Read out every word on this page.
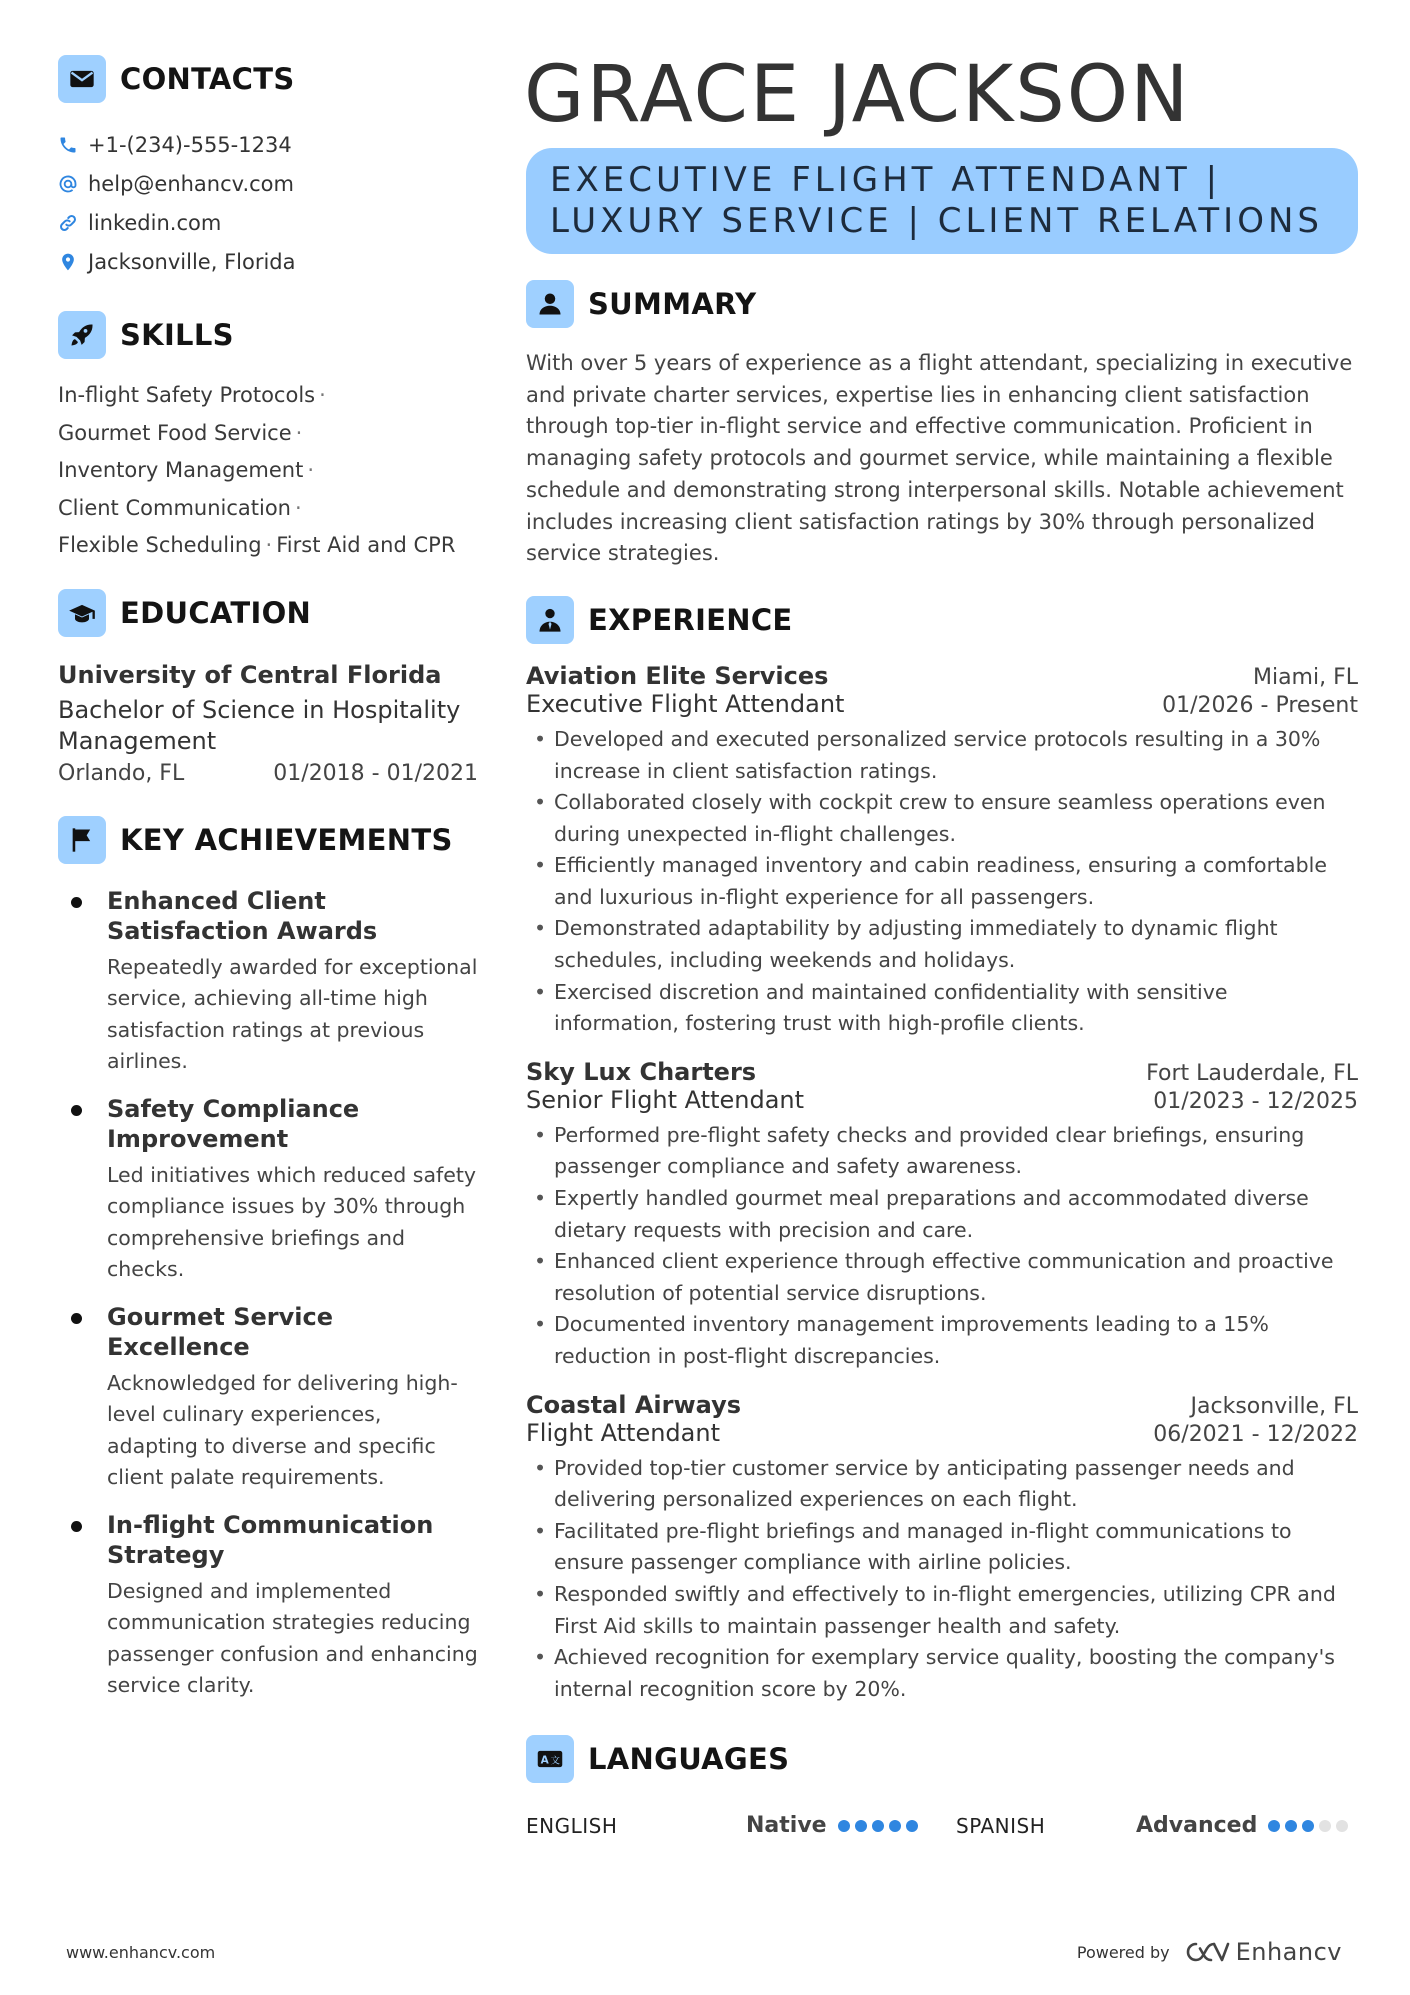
CONTACTS
+1-(234)-555-1234
help@enhancv.com
linkedin.com
Jacksonville, Florida
SKILLS
In-flight Safety Protocols ·
Gourmet Food Service ·
Inventory Management ·
Client Communication ·
Flexible Scheduling · First Aid and CPR
EDUCATION
University of Central Florida
Bachelor of Science in Hospitality Management
Orlando, FL	01/2018 - 01/2021
KEY ACHIEVEMENTS
Enhanced Client Satisfaction Awards
Repeatedly awarded for exceptional service, achieving all-time high satisfaction ratings at previous airlines.
Safety Compliance Improvement
Led initiatives which reduced safety compliance issues by 30% through comprehensive briefings and checks.
Gourmet Service Excellence
Acknowledged for delivering high-level culinary experiences, adapting to diverse and specific client palate requirements.
In-flight Communication Strategy
Designed and implemented communication strategies reducing passenger confusion and enhancing service clarity.
GRACE JACKSON
EXECUTIVE FLIGHT ATTENDANT |
LUXURY SERVICE | CLIENT RELATIONS
SUMMARY
With over 5 years of experience as a flight attendant, specializing in executive and private charter services, expertise lies in enhancing client satisfaction through top-tier in-flight service and effective communication. Proficient in managing safety protocols and gourmet service, while maintaining a flexible schedule and demonstrating strong interpersonal skills. Notable achievement includes increasing client satisfaction ratings by 30% through personalized service strategies.
EXPERIENCE
Aviation Elite Services	Miami, FL
Executive Flight Attendant	01/2026 - Present
• Developed and executed personalized service protocols resulting in a 30% increase in client satisfaction ratings.
• Collaborated closely with cockpit crew to ensure seamless operations even during unexpected in-flight challenges.
• Efficiently managed inventory and cabin readiness, ensuring a comfortable and luxurious in-flight experience for all passengers.
• Demonstrated adaptability by adjusting immediately to dynamic flight schedules, including weekends and holidays.
• Exercised discretion and maintained confidentiality with sensitive information, fostering trust with high-profile clients.
Sky Lux Charters	Fort Lauderdale, FL
Senior Flight Attendant	01/2023 - 12/2025
• Performed pre-flight safety checks and provided clear briefings, ensuring passenger compliance and safety awareness.
• Expertly handled gourmet meal preparations and accommodated diverse dietary requests with precision and care.
• Enhanced client experience through effective communication and proactive resolution of potential service disruptions.
• Documented inventory management improvements leading to a 15% reduction in post-flight discrepancies.
Coastal Airways	Jacksonville, FL
Flight Attendant	06/2021 - 12/2022
• Provided top-tier customer service by anticipating passenger needs and delivering personalized experiences on each flight.
• Facilitated pre-flight briefings and managed in-flight communications to ensure passenger compliance with airline policies.
• Responded swiftly and effectively to in-flight emergencies, utilizing CPR and First Aid skills to maintain passenger health and safety.
• Achieved recognition for exemplary service quality, boosting the company's internal recognition score by 20%.
A 文 LANGUAGES
ENGLISH	Native	SPANISH	Advanced
www.enhancv.com	Powered by	Enhancv
